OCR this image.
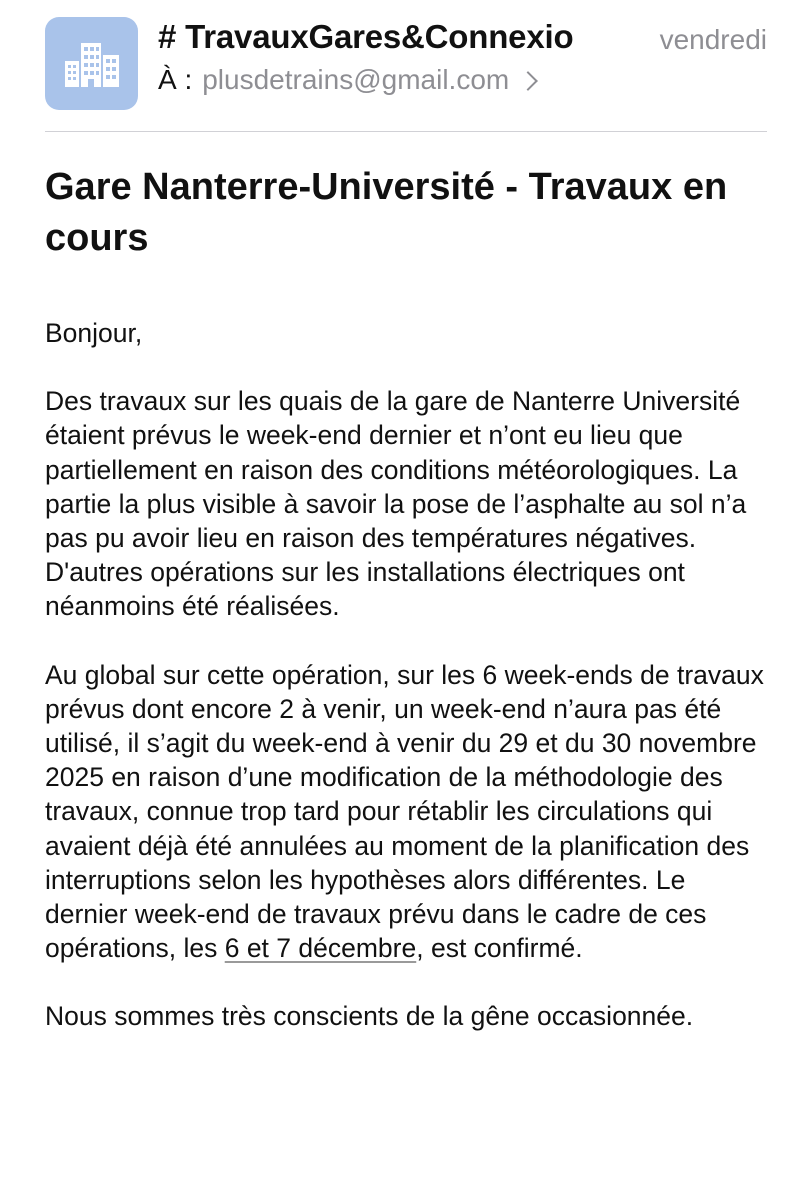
# TravauxGares&Connexio	vendredi
À : plusdetrains@gmail.com
Gare Nanterre-Université - Travaux en cours

Bonjour,

Des travaux sur les quais de la gare de Nanterre Université étaient prévus le week-end dernier et n’ont eu lieu que partiellement en raison des conditions météorologiques. La partie la plus visible à savoir la pose de l’asphalte au sol n’a pas pu avoir lieu en raison des températures négatives. D'autres opérations sur les installations électriques ont néanmoins été réalisées.

Au global sur cette opération, sur les 6 week-ends de travaux prévus dont encore 2 à venir, un week-end n’aura pas été utilisé, il s’agit du week-end à venir du 29 et du 30 novembre 2025 en raison d’une modification de la méthodologie des travaux, connue trop tard pour rétablir les circulations qui avaient déjà été annulées au moment de la planification des interruptions selon les hypothèses alors différentes. Le dernier week-end de travaux prévu dans le cadre de ces opérations, les 6 et 7 décembre, est confirmé.

Nous sommes très conscients de la gêne occasionnée.
